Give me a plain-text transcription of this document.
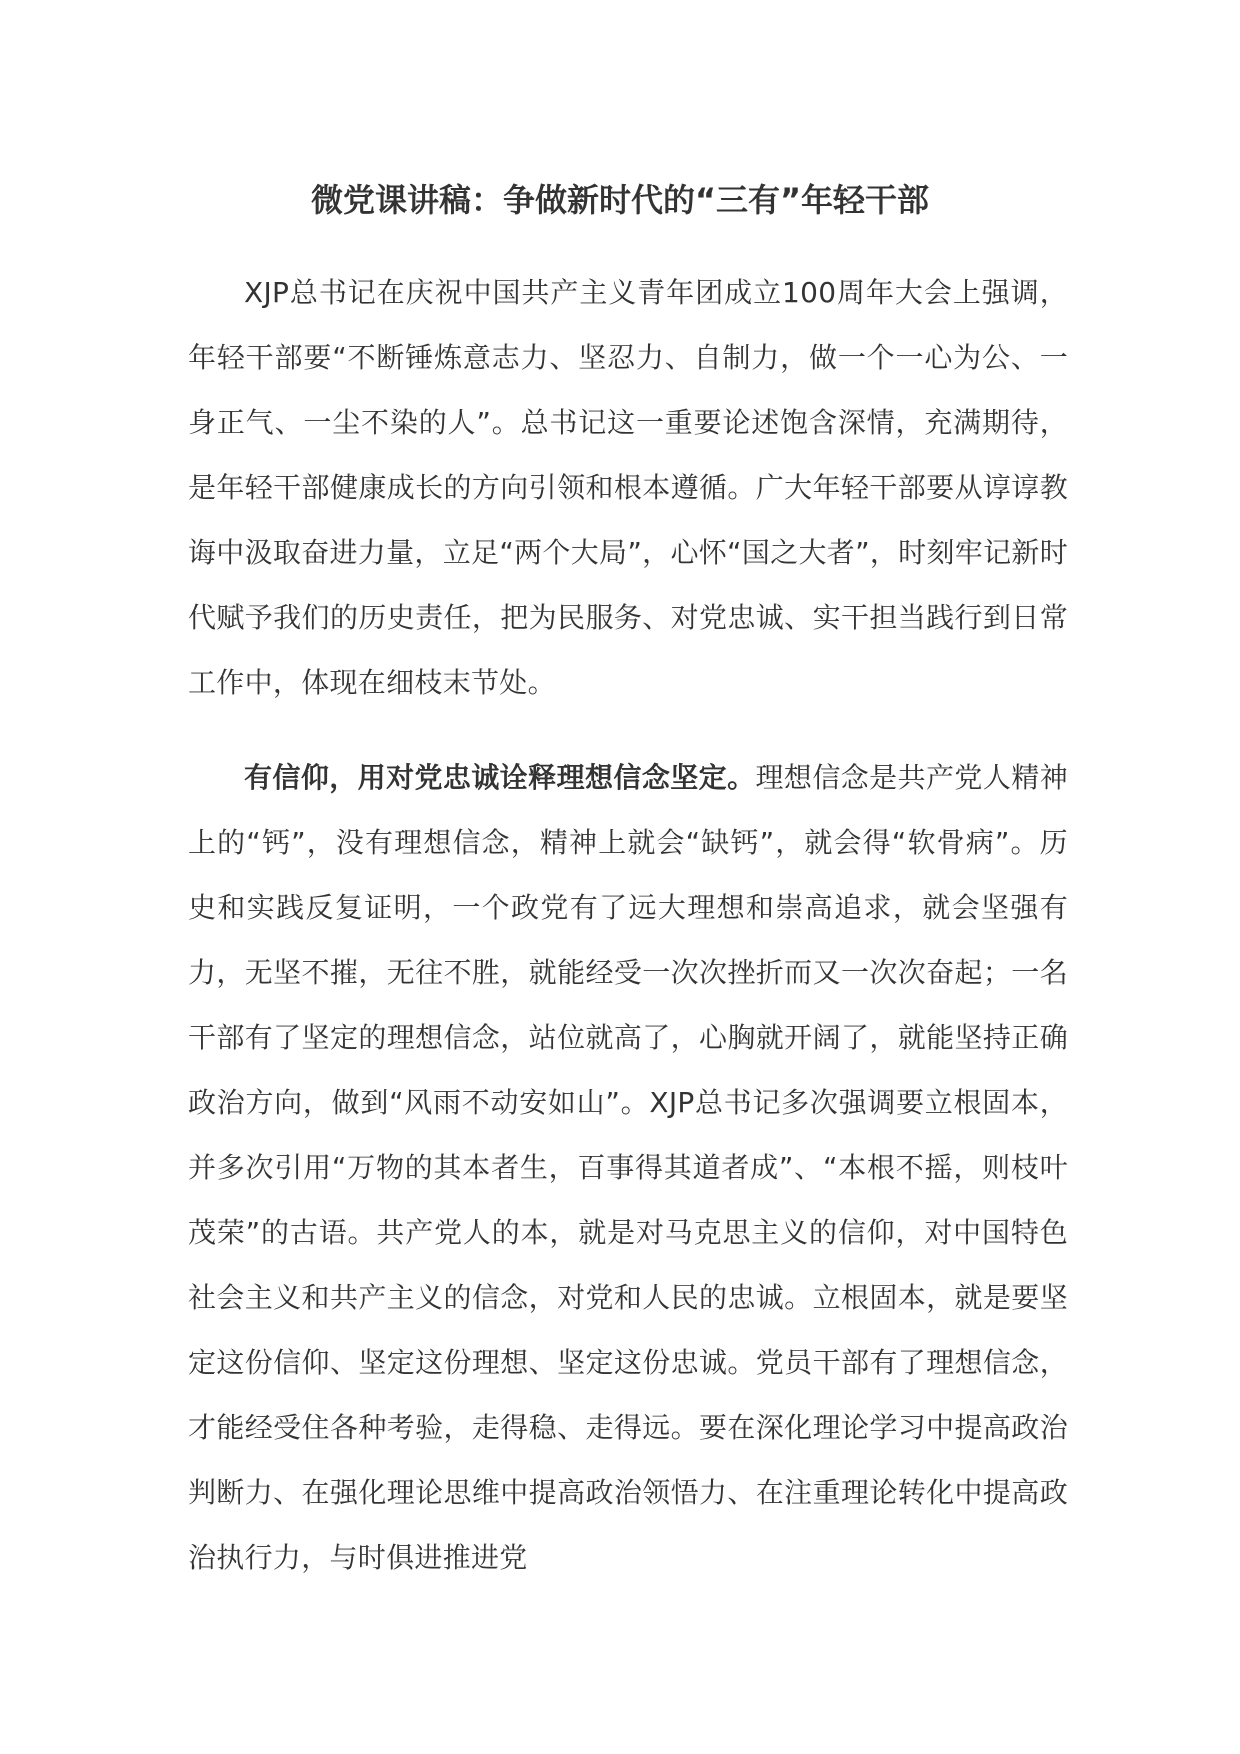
微党课讲稿：争做新时代的“三有”年轻干部

XJP总书记在庆祝中国共产主义青年团成立100周年大会上强调，年轻干部要“不断锤炼意志力、坚忍力、自制力，做一个一心为公、一身正气、一尘不染的人”。总书记这一重要论述饱含深情，充满期待，是年轻干部健康成长的方向引领和根本遵循。广大年轻干部要从谆谆教诲中汲取奋进力量，立足“两个大局”，心怀“国之大者”，时刻牢记新时代赋予我们的历史责任，把为民服务、对党忠诚、实干担当践行到日常工作中，体现在细枝末节处。

有信仰，用对党忠诚诠释理想信念坚定。理想信念是共产党人精神上的“钙”，没有理想信念，精神上就会“缺钙”，就会得“软骨病”。历史和实践反复证明，一个政党有了远大理想和崇高追求，就会坚强有力，无坚不摧，无往不胜，就能经受一次次挫折而又一次次奋起；一名干部有了坚定的理想信念，站位就高了，心胸就开阔了，就能坚持正确政治方向，做到“风雨不动安如山”。XJP总书记多次强调要立根固本，并多次引用“万物的其本者生，百事得其道者成”、“本根不摇，则枝叶茂荣”的古语。共产党人的本，就是对马克思主义的信仰，对中国特色社会主义和共产主义的信念，对党和人民的忠诚。立根固本，就是要坚定这份信仰、坚定这份理想、坚定这份忠诚。党员干部有了理想信念，才能经受住各种考验，走得稳、走得远。要在深化理论学习中提高政治判断力、在强化理论思维中提高政治领悟力、在注重理论转化中提高政治执行力，与时俱进推进党
